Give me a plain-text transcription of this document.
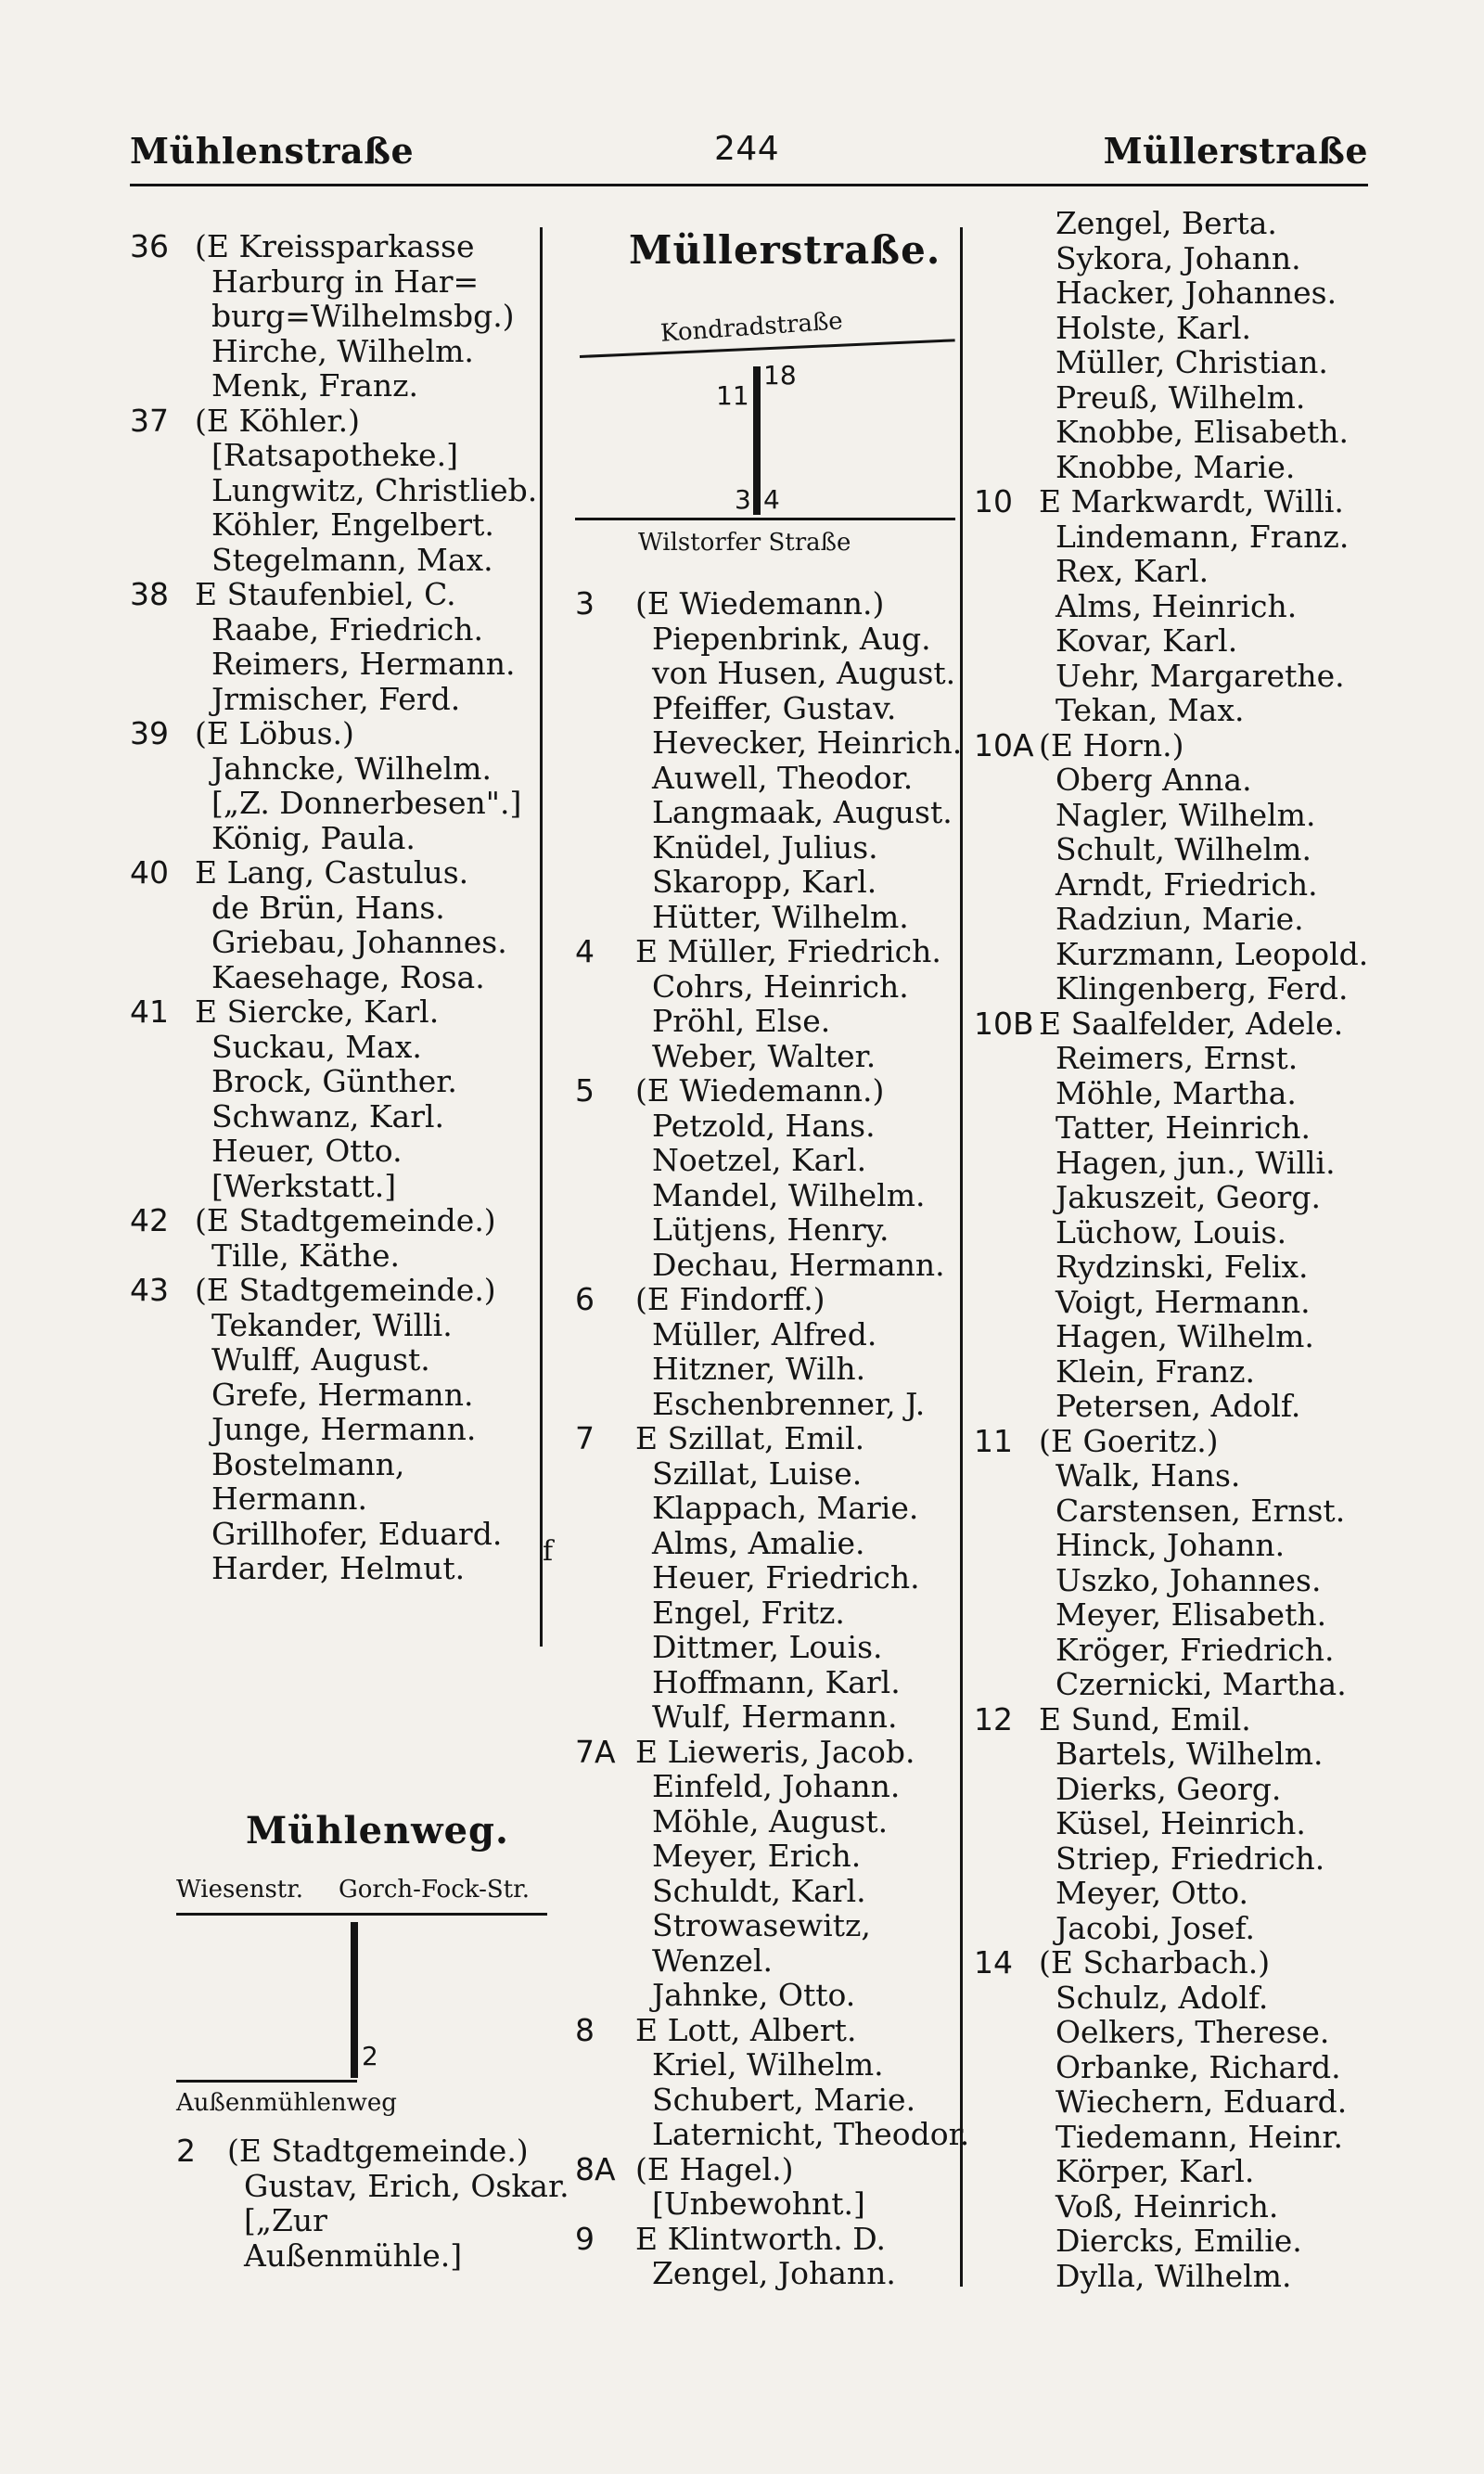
Mühlenstraße	244	Müllerstraße
36 (E Kreissparkasse
Harburg in Har=
burg=Wilhelmsbg.)
Hirche, Wilhelm.
Menk, Franz.
37 (E Köhler.)
[Ratsapotheke.]
Lungwitz, Christlieb.
Köhler, Engelbert.
Stegelmann, Max.
38 E Staufenbiel, C.
Raabe, Friedrich.
Reimers, Hermann.
Jrmischer, Ferd.
39 (E Löbus.)
Jahncke, Wilhelm.
[„Z. Donnerbesen".]
König, Paula.
40 E Lang, Castulus.
de Brün, Hans.
Griebau, Johannes.
Kaesehage, Rosa.
41 E Siercke, Karl.
Suckau, Max.
Brock, Günther.
Schwanz, Karl.
Heuer, Otto.
[Werkstatt.]
42 (E Stadtgemeinde.)
Tille, Käthe.
43 (E Stadtgemeinde.)
Tekander, Willi.
Wulff, August.
Grefe, Hermann.
Junge, Hermann.
Bostelmann,
Hermann.
Grillhofer, Eduard.
Harder, Helmut.	f
Mühlenweg.
Wiesenstr. Gorch-Fock-Str.
2
Außenmühlenweg
2 (E Stadtgemeinde.)
Gustav, Erich, Oskar.
[„Zur
Außenmühle.]
Müllerstraße.
Kondradstraße
11
18
3 4
Wilstorfer Straße
3 (E Wiedemann.)
Piepenbrink, Aug.
von Husen, August.
Pfeiffer, Gustav.
Hevecker, Heinrich.
Auwell, Theodor.
Langmaak, August.
Knüdel, Julius.
Skaropp, Karl.
Hütter, Wilhelm.
4 E Müller, Friedrich.
Cohrs, Heinrich.
Pröhl, Else.
Weber, Walter.
5 (E Wiedemann.)
Petzold, Hans.
Noetzel, Karl.
Mandel, Wilhelm.
Lütjens, Henry.
Dechau, Hermann.
6 (E Findorff.)
Müller, Alfred.
Hitzner, Wilh.
Eschenbrenner, J.
7 E Szillat, Emil.
Szillat, Luise.
Klappach, Marie.
Alms, Amalie.
Heuer, Friedrich.
Engel, Fritz.
Dittmer, Louis.
Hoffmann, Karl.
Wulf, Hermann.
7A E Lieweris, Jacob.
Einfeld, Johann.
Möhle, August.
Meyer, Erich.
Schuldt, Karl.
Strowasewitz,
Wenzel.
Jahnke, Otto.
8 E Lott, Albert.
Kriel, Wilhelm.
Schubert, Marie.
Laternicht, Theodor.
8A (E Hagel.)
[Unbewohnt.]
9 E Klintworth. D.
Zengel, Johann.
Zengel, Berta.
Sykora, Johann.
Hacker, Johannes.
Holste, Karl.
Müller, Christian.
Preuß, Wilhelm.
Knobbe, Elisabeth.
Knobbe, Marie.
10 E Markwardt, Willi.
Lindemann, Franz.
Rex, Karl.
Alms, Heinrich.
Kovar, Karl.
Uehr, Margarethe.
Tekan, Max.
10A (E Horn.)
Oberg Anna.
Nagler, Wilhelm.
Schult, Wilhelm.
Arndt, Friedrich.
Radziun, Marie.
Kurzmann, Leopold.
Klingenberg, Ferd.
10B E Saalfelder, Adele.
Reimers, Ernst.
Möhle, Martha.
Tatter, Heinrich.
Hagen, jun., Willi.
Jakuszeit, Georg.
Lüchow, Louis.
Rydzinski, Felix.
Voigt, Hermann.
Hagen, Wilhelm.
Klein, Franz.
Petersen, Adolf.
11 (E Goeritz.)
Walk, Hans.
Carstensen, Ernst.
Hinck, Johann.
Uszko, Johannes.
Meyer, Elisabeth.
Kröger, Friedrich.
Czernicki, Martha.
12 E Sund, Emil.
Bartels, Wilhelm.
Dierks, Georg.
Küsel, Heinrich.
Striep, Friedrich.
Meyer, Otto.
Jacobi, Josef.
14 (E Scharbach.)
Schulz, Adolf.
Oelkers, Therese.
Orbanke, Richard.
Wiechern, Eduard.
Tiedemann, Heinr.
Körper, Karl.
Voß, Heinrich.
Diercks, Emilie.
Dylla, Wilhelm.
